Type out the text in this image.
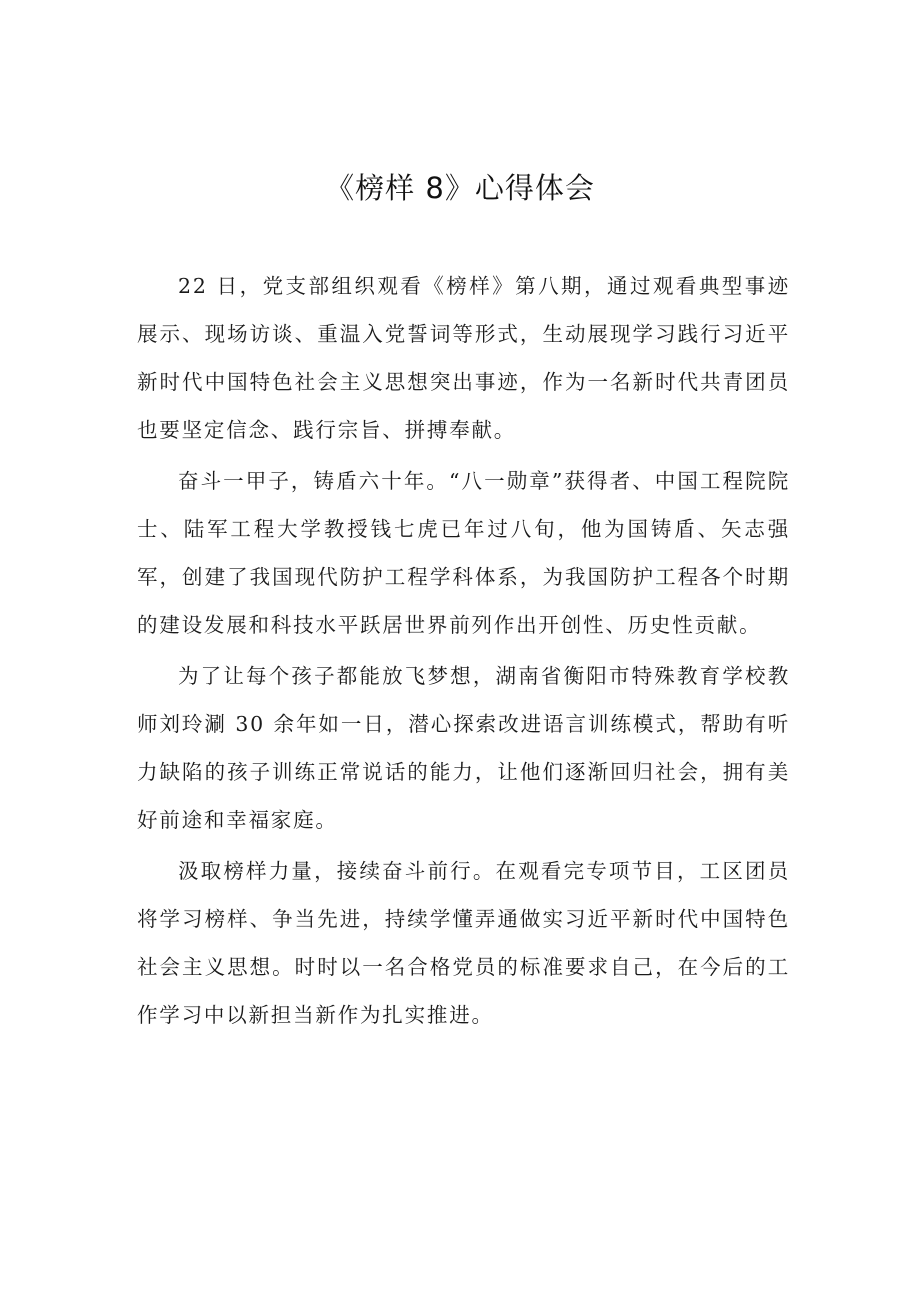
《榜样 8》心得体会

22 日，党支部组织观看《榜样》第八期，通过观看典型事迹展示、现场访谈、重温入党誓词等形式，生动展现学习践行习近平新时代中国特色社会主义思想突出事迹，作为一名新时代共青团员也要坚定信念、践行宗旨、拼搏奉献。

奋斗一甲子，铸盾六十年。“八一勋章”获得者、中国工程院院士、陆军工程大学教授钱七虎已年过八旬，他为国铸盾、矢志强军，创建了我国现代防护工程学科体系，为我国防护工程各个时期的建设发展和科技水平跃居世界前列作出开创性、历史性贡献。

为了让每个孩子都能放飞梦想，湖南省衡阳市特殊教育学校教师刘玲涮 30 余年如一日，潜心探索改进语言训练模式，帮助有听力缺陷的孩子训练正常说话的能力，让他们逐渐回归社会，拥有美好前途和幸福家庭。

汲取榜样力量，接续奋斗前行。在观看完专项节目，工区团员将学习榜样、争当先进，持续学懂弄通做实习近平新时代中国特色社会主义思想。时时以一名合格党员的标准要求自己，在今后的工作学习中以新担当新作为扎实推进。
